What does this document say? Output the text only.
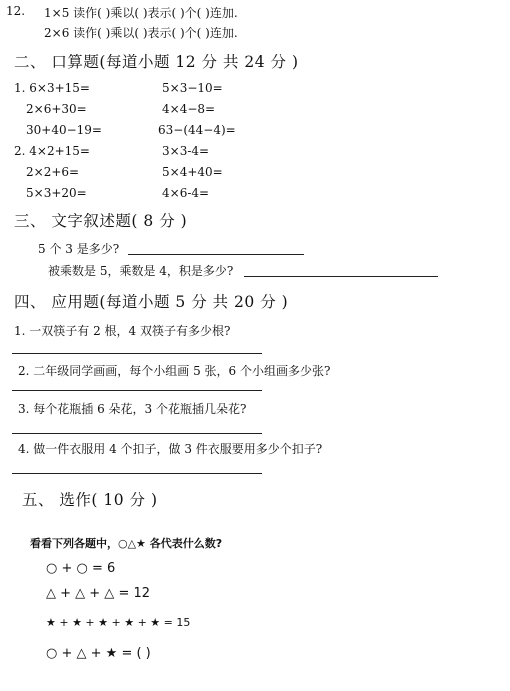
12. 1×5 读作( )乘以( )表示( )个( )连加.
2×6 读作( )乘以( )表示( )个( )连加.
二、 口算题(每道小题 12 分 共 24 分 )
1. 6×3+15=
2×6+30=
30+40−19=
2. 4×2+15=
2×2+6=
5×3+20=
5×3−10=
4×4−8=
63−(44−4)=
3×3-4=
5×4+40=
4×6-4=
三、 文字叙述题( 8 分 )
5 个 3 是多少?
被乘数是 5，乘数是 4，积是多少?
四、 应用题(每道小题 5 分 共 20 分 )
1. 一双筷子有 2 根，4 双筷子有多少根?
2. 二年级同学画画，每个小组画 5 张，6 个小组画多少张?
3. 每个花瓶插 6 朵花，3 个花瓶插几朵花?
4. 做一件衣服用 4 个扣子，做 3 件衣服要用多少个扣子?
五、 选作( 10 分 )
看看下列各题中，○△★ 各代表什么数?
○ + ○ = 6
△ + △ + △ = 12
★ + ★ + ★ + ★ + ★ = 15
○ + △ + ★ = ( )
